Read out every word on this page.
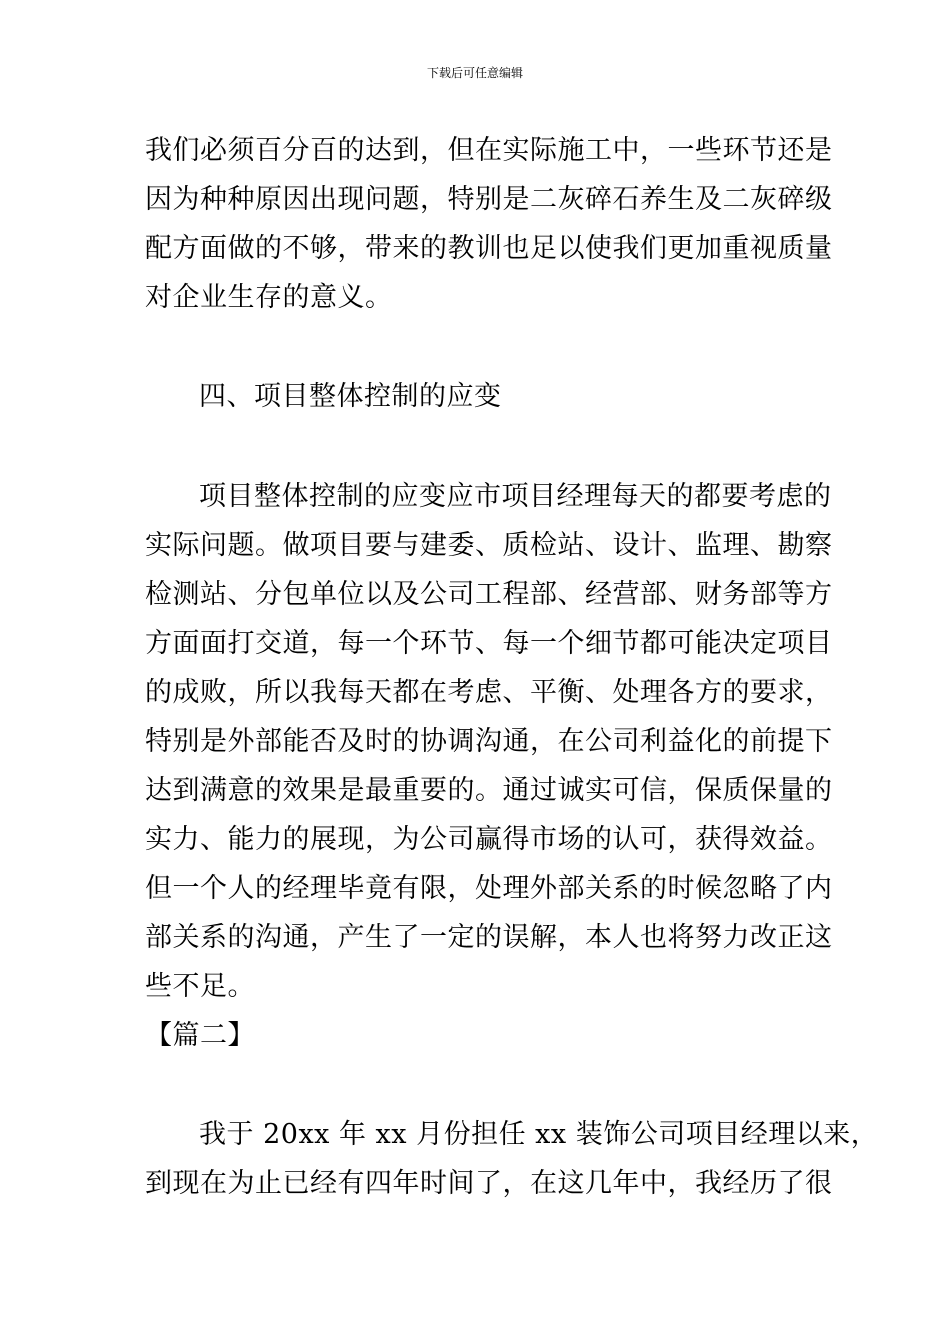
下载后可任意编辑
我们必须百分百的达到，但在实际施工中，一些环节还是
因为种种原因出现问题，特别是二灰碎石养生及二灰碎级
配方面做的不够，带来的教训也足以使我们更加重视质量
对企业生存的意义。
四、项目整体控制的应变
项目整体控制的应变应市项目经理每天的都要考虑的
实际问题。做项目要与建委、质检站、设计、监理、勘察
检测站、分包单位以及公司工程部、经营部、财务部等方
方面面打交道，每一个环节、每一个细节都可能决定项目
的成败，所以我每天都在考虑、平衡、处理各方的要求，
特别是外部能否及时的协调沟通，在公司利益化的前提下
达到满意的效果是最重要的。通过诚实可信，保质保量的
实力、能力的展现，为公司赢得市场的认可，获得效益。
但一个人的经理毕竟有限，处理外部关系的时候忽略了内
部关系的沟通，产生了一定的误解，本人也将努力改正这
些不足。
【篇二】
我于 20xx 年 xx 月份担任 xx 装饰公司项目经理以来，
到现在为止已经有四年时间了，在这几年中，我经历了很
